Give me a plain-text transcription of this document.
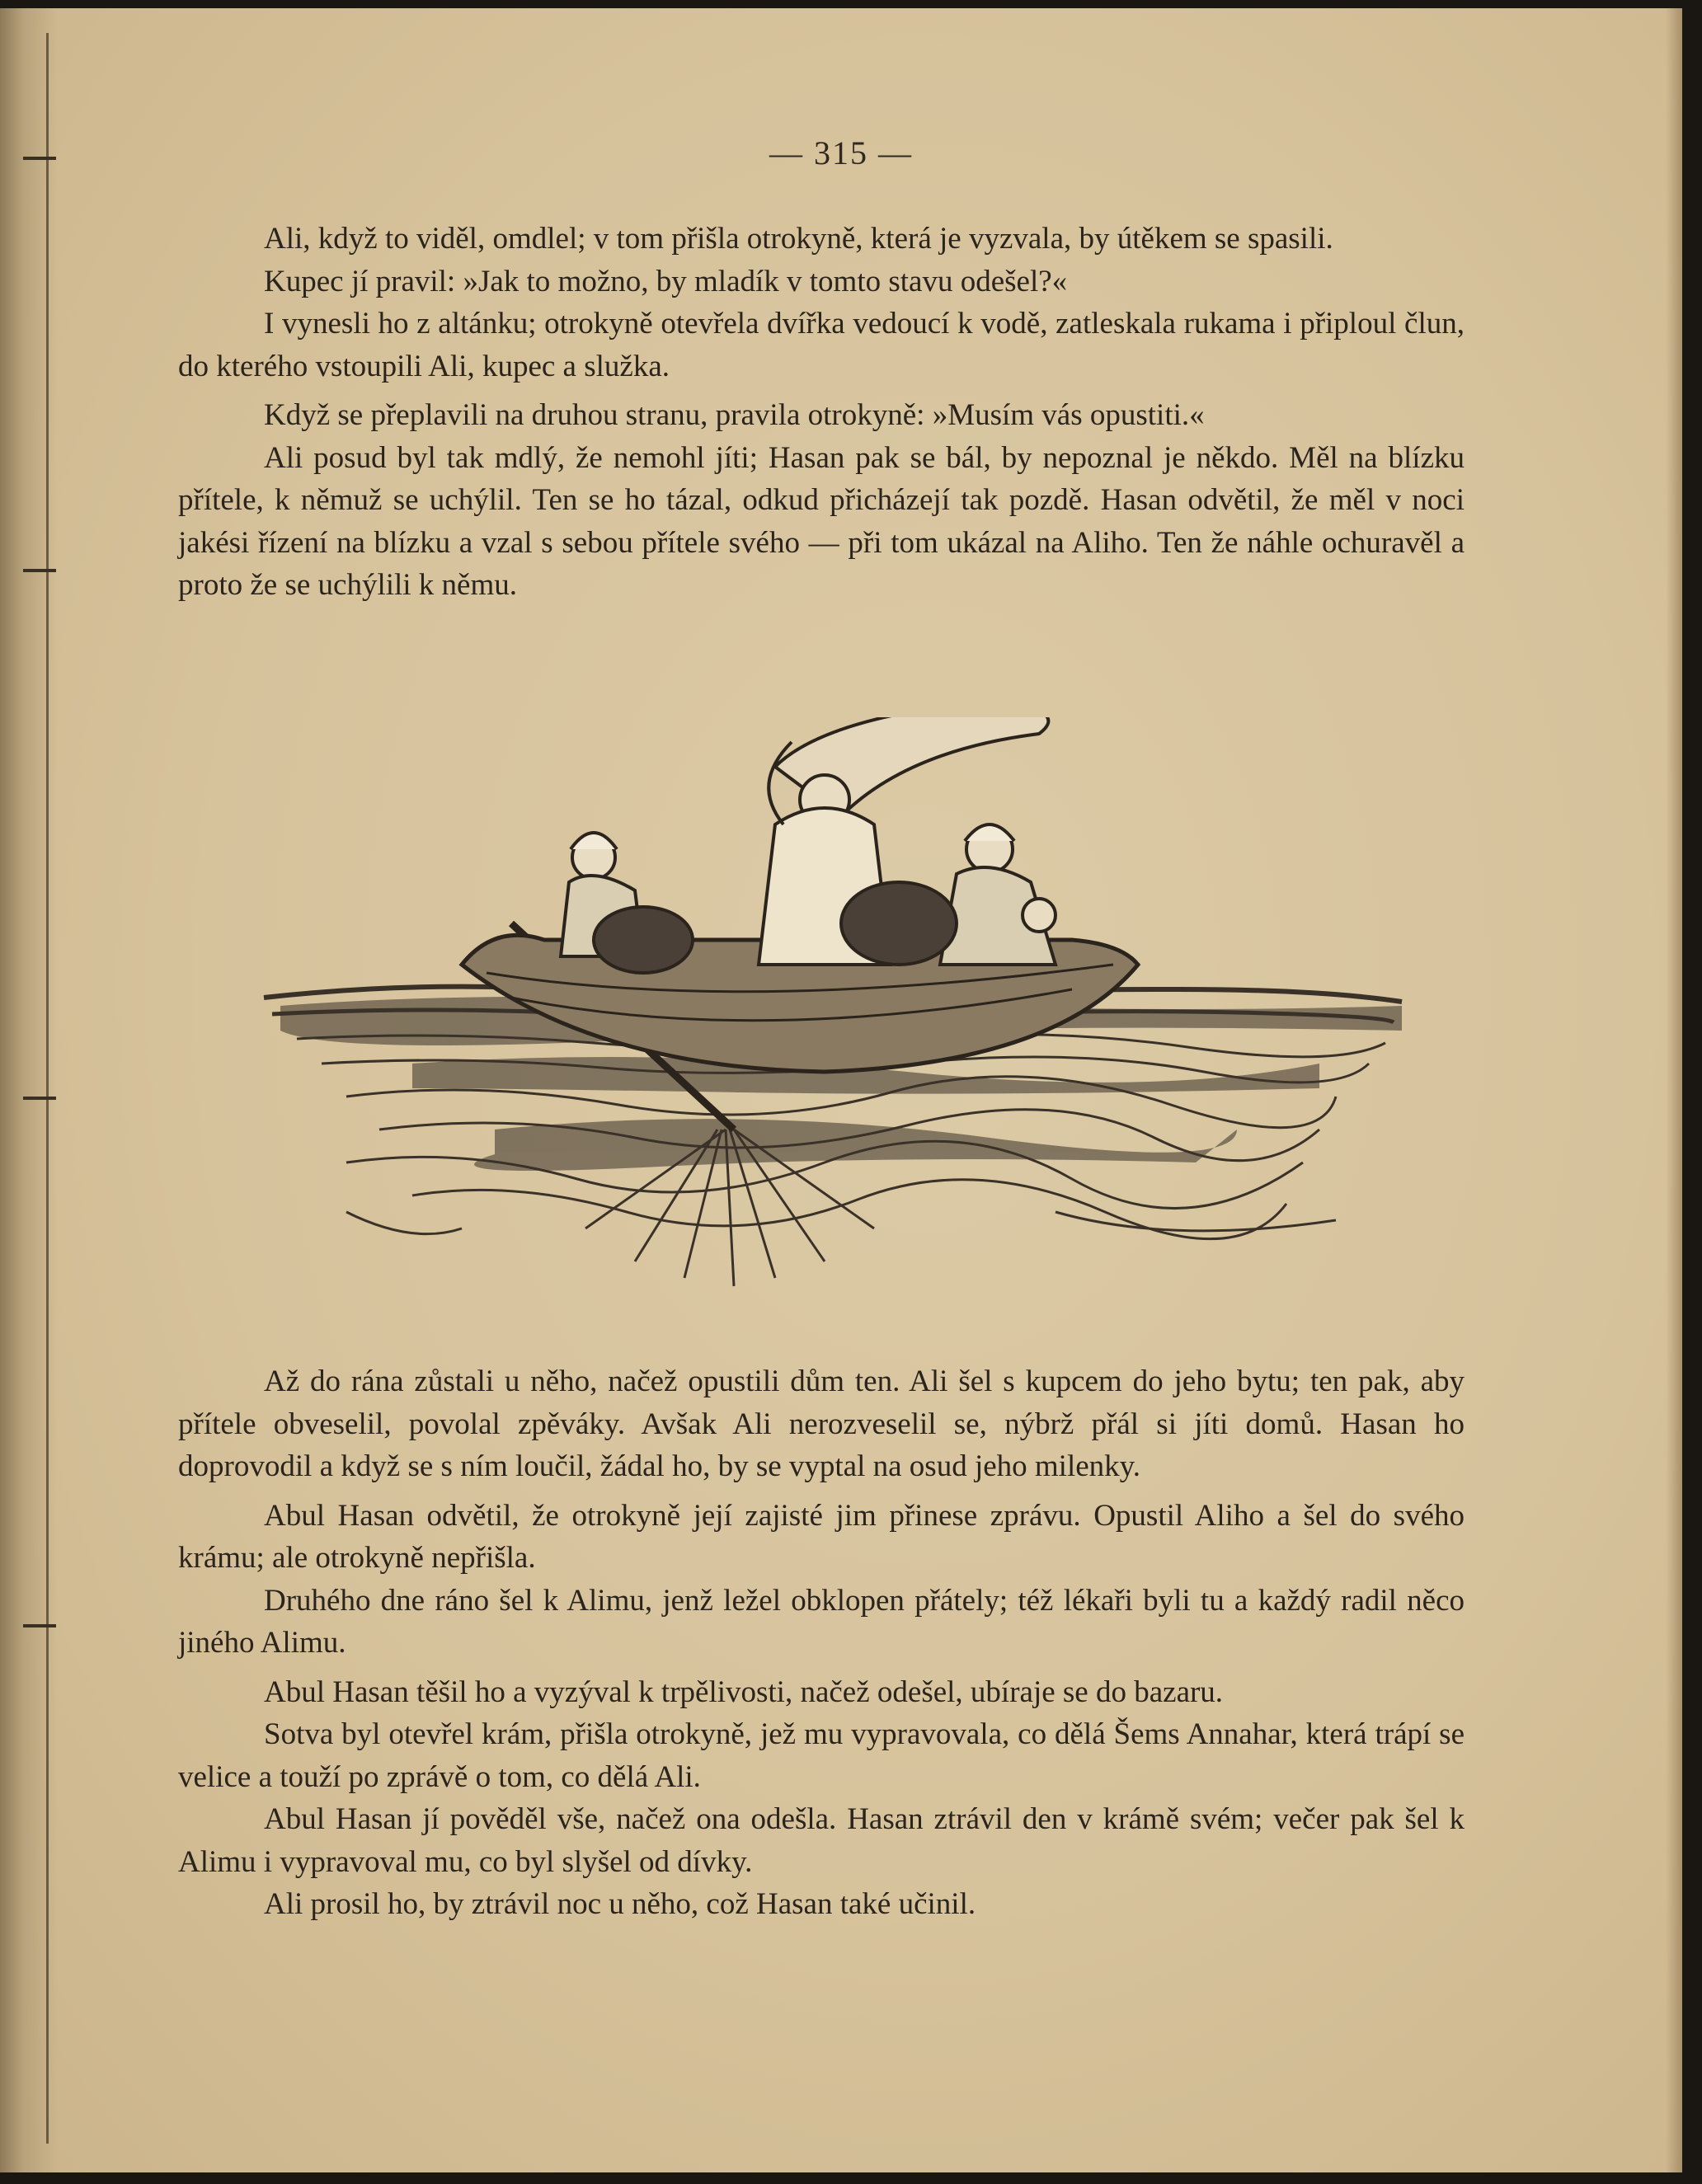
— 315 —

Ali, když to viděl, omdlel; v tom přišla otrokyně, která je vyzvala, by útěkem se spasili.

Kupec jí pravil: »Jak to možno, by mladík v tomto stavu odešel?«

I vynesli ho z altánku; otrokyně otevřela dvířka vedoucí k vodě, zatleskala rukama i připloul člun, do kterého vstoupili Ali, kupec a služka.

Když se přeplavili na druhou stranu, pravila otrokyně: »Musím vás opustiti.«

Ali posud byl tak mdlý, že nemohl jíti; Hasan pak se bál, by nepoznal je někdo. Měl na blízku přítele, k němuž se uchýlil. Ten se ho tázal, odkud přicházejí tak pozdě. Hasan odvětil, že měl v noci jakési řízení na blízku a vzal s sebou přítele svého — při tom ukázal na Aliho. Ten že náhle ochuravěl a proto že se uchýlili k němu.

Až do rána zůstali u něho, načež opustili dům ten. Ali šel s kupcem do jeho bytu; ten pak, aby přítele obveselil, povolal zpěváky. Avšak Ali nerozveselil se, nýbrž přál si jíti domů. Hasan ho doprovodil a když se s ním loučil, žádal ho, by se vyptal na osud jeho milenky.

Abul Hasan odvětil, že otrokyně její zajisté jim přinese zprávu. Opustil Aliho a šel do svého krámu; ale otrokyně nepřišla.

Druhého dne ráno šel k Alimu, jenž ležel obklopen přátely; též lékaři byli tu a každý radil něco jiného Alimu.

Abul Hasan těšil ho a vyzýval k trpělivosti, načež odešel, ubíraje se do bazaru.

Sotva byl otevřel krám, přišla otrokyně, jež mu vypravovala, co dělá Šems Annahar, která trápí se velice a touží po zprávě o tom, co dělá Ali.

Abul Hasan jí pověděl vše, načež ona odešla. Hasan ztrávil den v krámě svém; večer pak šel k Alimu i vypravoval mu, co byl slyšel od dívky.

Ali prosil ho, by ztrávil noc u něho, což Hasan také učinil.
